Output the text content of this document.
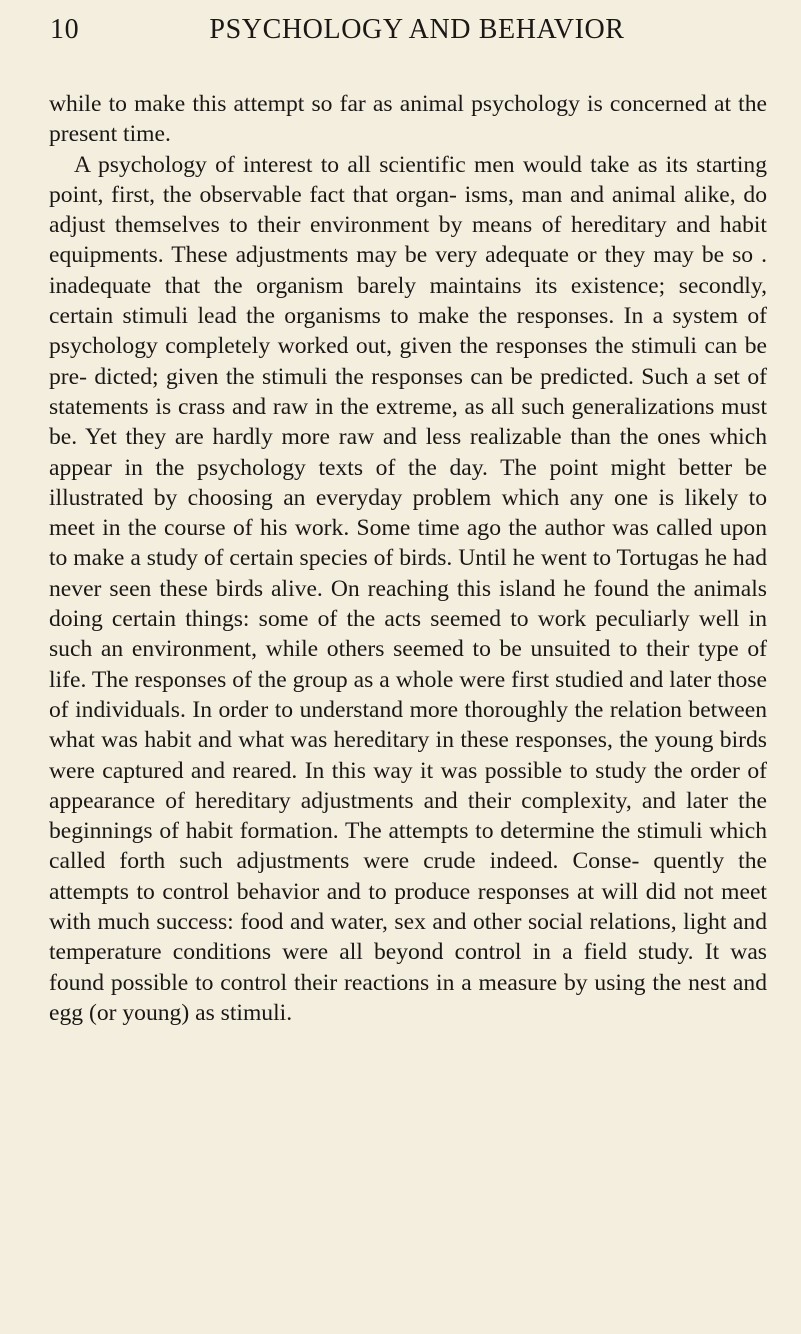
10	PSYCHOLOGY AND BEHAVIOR

while to make this attempt so far as animal psychology is concerned at the present time.

A psychology of interest to all scientific men would take as its starting point, first, the observable fact that organ- isms, man and animal alike, do adjust themselves to their environment by means of hereditary and habit equipments. These adjustments may be very adequate or they may be so . inadequate that the organism barely maintains its existence; secondly, certain stimuli lead the organisms to make the responses. In a system of psychology completely worked out, given the responses the stimuli can be pre- dicted; given the stimuli the responses can be predicted. Such a set of statements is crass and raw in the extreme, as all such generalizations must be. Yet they are hardly more raw and less realizable than the ones which appear in the psychology texts of the day. The point might better be illustrated by choosing an everyday problem which any one is likely to meet in the course of his work. Some time ago the author was called upon to make a study of certain species of birds. Until he went to Tortugas he had never seen these birds alive. On reaching this island he found the animals doing certain things: some of the acts seemed to work peculiarly well in such an environment, while others seemed to be unsuited to their type of life. The responses of the group as a whole were first studied and later those of individuals. In order to understand more thoroughly the relation between what was habit and what was hereditary in these responses, the young birds were captured and reared. In this way it was possible to study the order of appearance of hereditary adjustments and their complexity, and later the beginnings of habit formation. The attempts to determine the stimuli which called forth such adjustments were crude indeed. Conse- quently the attempts to control behavior and to produce responses at will did not meet with much success: food and water, sex and other social relations, light and temperature conditions were all beyond control in a field study. It was found possible to control their reactions in a measure by using the nest and egg (or young) as stimuli.
